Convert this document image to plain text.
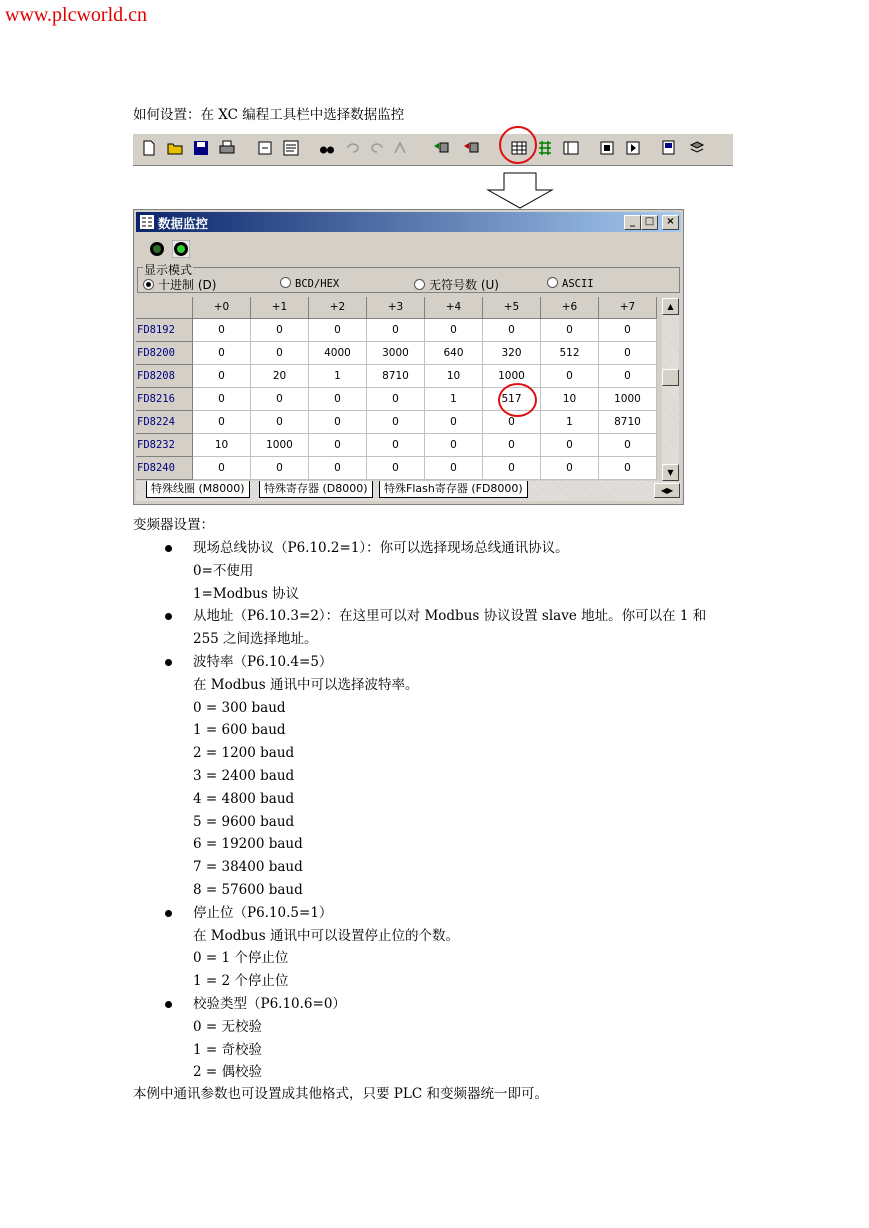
www.plcworld.cn
如何设置：在 XC 编程工具栏中选择数据监控
数据监控	_ □	×
显示模式
十进制 (D)	BCD/HEX	无符号数 (U)	ASCII
+0	+1	+2	+3	+4	+5	+6	+7
FD8192	0	0	0	0	0	0	0	0
FD8200	0	0	4000	3000	640	320	512	0
FD8208	0	20	1	8710	10	1000	0	0
FD8216	0	0	0	0	1	517	10	1000
FD8224	0	0	0	0	0	0	1	8710
FD8232	10	1000	0	0	0	0	0	0
FD8240	0	0	0	0	0	0	0	0
▲
▼
特殊线圈 (M8000)	特殊寄存器 (D8000)	特殊Flash寄存器 (FD8000)	◀▶
变频器设置：
现场总线协议（P6.10.2=1）：你可以选择现场总线通讯协议。
0=不使用
1=Modbus 协议
从地址（P6.10.3=2）：在这里可以对 Modbus 协议设置 slave 地址。你可以在 1 和
255 之间选择地址。
波特率（P6.10.4=5）
在 Modbus 通讯中可以选择波特率。
0 = 300 baud
1 = 600 baud
2 = 1200 baud
3 = 2400 baud
4 = 4800 baud
5 = 9600 baud
6 = 19200 baud
7 = 38400 baud
8 = 57600 baud
停止位（P6.10.5=1）
在 Modbus 通讯中可以设置停止位的个数。
0 = 1 个停止位
1 = 2 个停止位
校验类型（P6.10.6=0）
0 = 无校验
1 = 奇校验
2 = 偶校验
本例中通讯参数也可设置成其他格式，只要 PLC 和变频器统一即可。
